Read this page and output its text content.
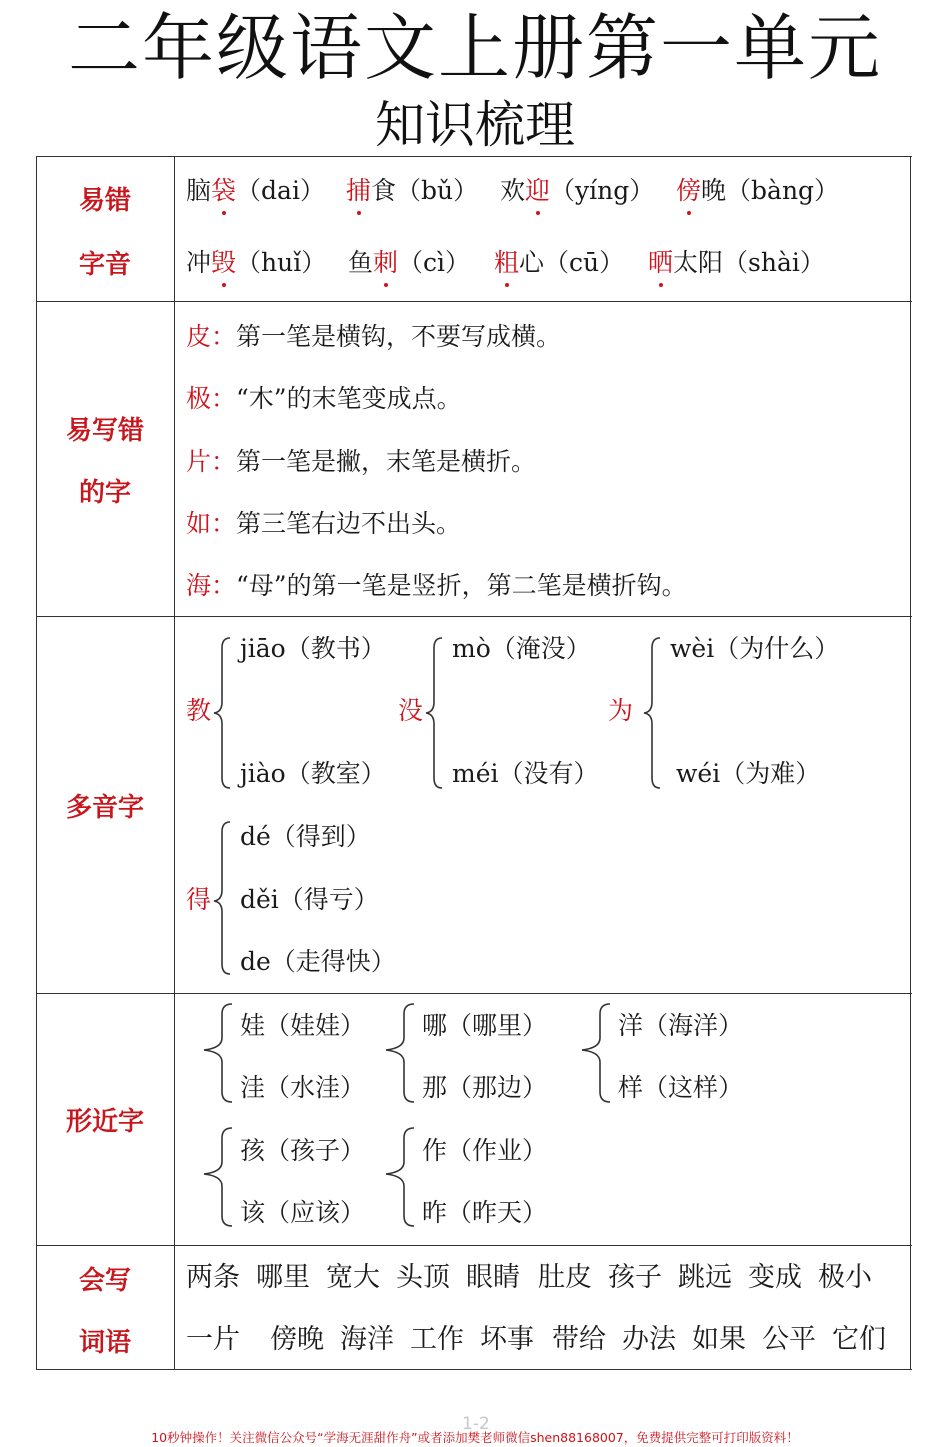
二年级语文上册第一单元
知识梳理
易错
字音
脑袋（dai） 捕食（bǔ） 欢迎（yíng） 傍晚（bàng）
冲毁（huǐ） 鱼刺（cì） 粗心（cū） 晒太阳（shài）
易写错
的字
皮：第一笔是横钩，不要写成横。
极：“木”的末笔变成点。
片：第一笔是撇，末笔是横折。
如：第三笔右边不出头。
海：“母”的第一笔是竖折，第二笔是横折钩。
多音字
教
jiāo（教书）
jiào（教室）
没
mò（淹没）
méi（没有）
为
wèi（为什么）
wéi（为难）
得
dé（得到）
děi（得亏）
de（走得快）
形近字
娃（娃娃）
洼（水洼）
哪（哪里）
那（那边）
洋（海洋）
样（这样）
孩（孩子）
该（应该）
作（作业）
昨（昨天）
会写
词语
两条 哪里 宽大 头顶 眼睛 肚皮 孩子 跳远 变成 极小
一片 傍晚 海洋 工作 坏事 带给 办法 如果 公平 它们
1-2
10秒钟操作！关注微信公众号“学海无涯甜作舟”或者添加樊老师微信shen88168007，免费提供完整可打印版资料！
